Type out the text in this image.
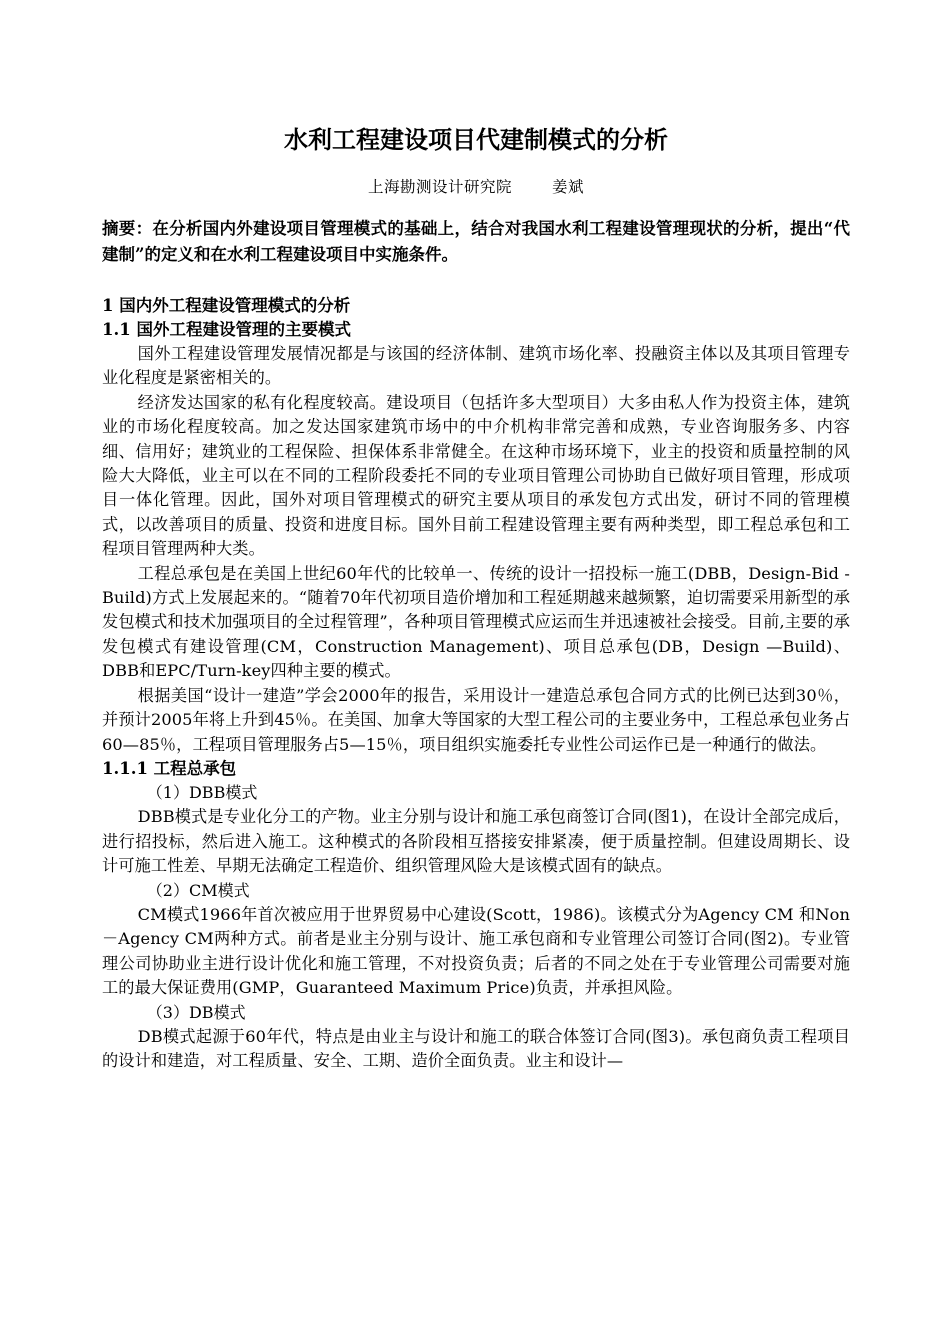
水利工程建设项目代建制模式的分析
上海勘测设计研究院	姜斌
摘要：在分析国内外建设项目管理模式的基础上，结合对我国水利工程建设管理现状的分析，提出“代建制”的定义和在水利工程建设项目中实施条件。
1 国内外工程建设管理模式的分析
1.1 国外工程建设管理的主要模式

国外工程建设管理发展情况都是与该国的经济体制、建筑市场化率、投融资主体以及其项目管理专业化程度是紧密相关的。

经济发达国家的私有化程度较高。建设项目（包括许多大型项目）大多由私人作为投资主体，建筑业的市场化程度较高。加之发达国家建筑市场中的中介机构非常完善和成熟，专业咨询服务多、内容细、信用好；建筑业的工程保险、担保体系非常健全。在这种市场环境下，业主的投资和质量控制的风险大大降低，业主可以在不同的工程阶段委托不同的专业项目管理公司协助自已做好项目管理，形成项目一体化管理。因此，国外对项目管理模式的研究主要从项目的承发包方式出发，研讨不同的管理模式，以改善项目的质量、投资和进度目标。国外目前工程建设管理主要有两种类型，即工程总承包和工程项目管理两种大类。

工程总承包是在美国上世纪60年代的比较单一、传统的设计一招投标一施工(DBB，Design-Bid -Build)方式上发展起来的。“随着70年代初项目造价增加和工程延期越来越频繁，迫切需要采用新型的承发包模式和技术加强项目的全过程管理”，各种项目管理模式应运而生并迅速被社会接受。目前,主要的承发包模式有建设管理(CM，Construction Management)、项目总承包(DB，Design —Build)、DBB和EPC/Turn-key四种主要的模式。

根据美国“设计一建造”学会2000年的报告，采用设计一建造总承包合同方式的比例已达到30％，并预计2005年将上升到45％。在美国、加拿大等国家的大型工程公司的主要业务中，工程总承包业务占60—85％，工程项目管理服务占5—15％，项目组织实施委托专业性公司运作已是一种通行的做法。

1.1.1 工程总承包

（1）DBB模式

DBB模式是专业化分工的产物。业主分别与设计和施工承包商签订合同(图1)，在设计全部完成后，进行招投标，然后进入施工。这种模式的各阶段相互搭接安排紧凑，便于质量控制。但建设周期长、设计可施工性差、早期无法确定工程造价、组织管理风险大是该模式固有的缺点。

（2）CM模式

CM模式1966年首次被应用于世界贸易中心建设(Scott，1986)。该模式分为Agency CM 和Non－Agency CM两种方式。前者是业主分别与设计、施工承包商和专业管理公司签订合同(图2)。专业管理公司协助业主进行设计优化和施工管理，不对投资负责；后者的不同之处在于专业管理公司需要对施工的最大保证费用(GMP，Guaranteed Maximum Price)负责，并承担风险。

（3）DB模式

DB模式起源于60年代，特点是由业主与设计和施工的联合体签订合同(图3)。承包商负责工程项目的设计和建造，对工程质量、安全、工期、造价全面负责。业主和设计—
